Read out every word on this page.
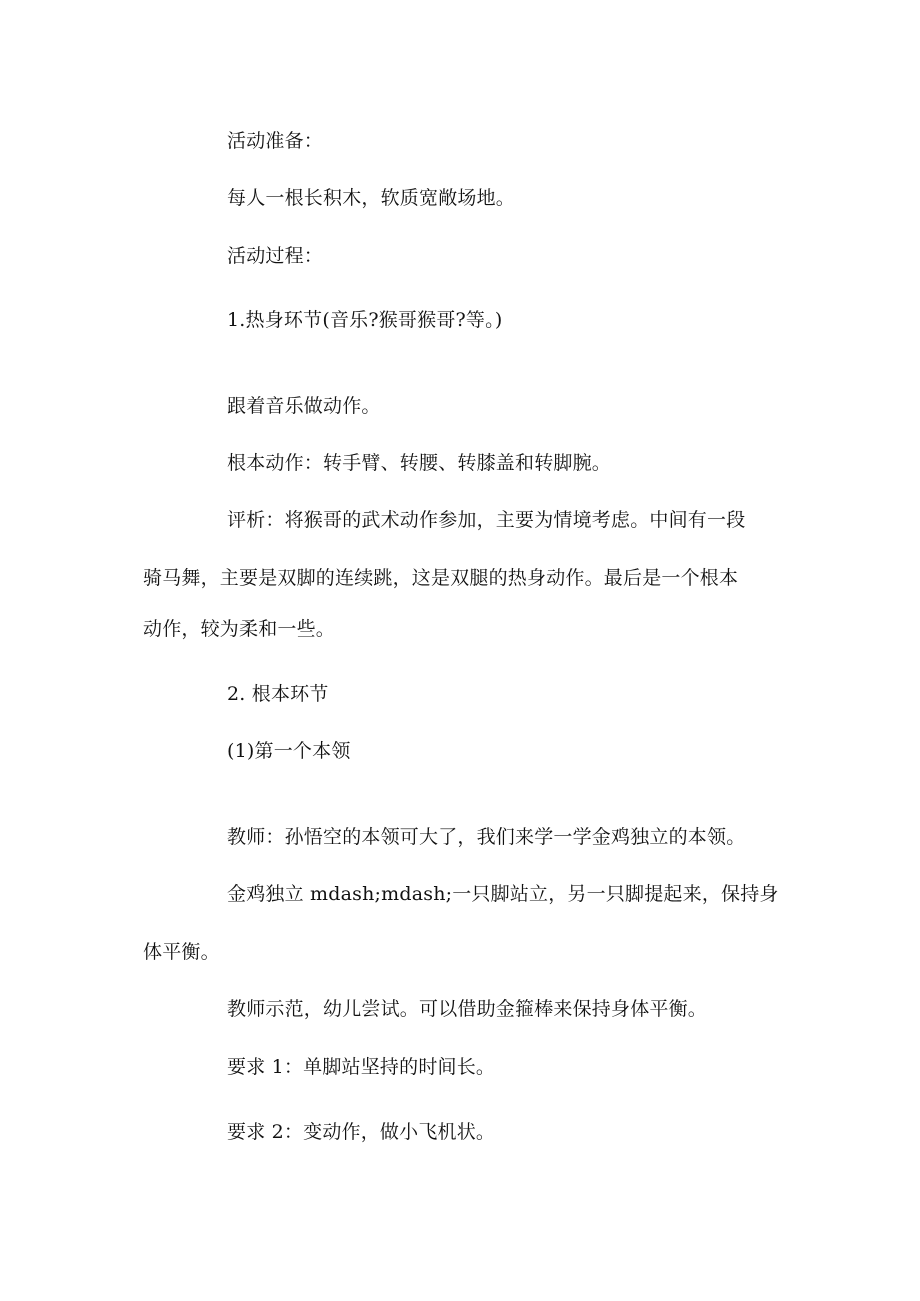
活动准备：
每人一根长积木，软质宽敞场地。
活动过程：
1.热身环节(音乐?猴哥猴哥?等。)
跟着音乐做动作。
根本动作：转手臂、转腰、转膝盖和转脚腕。
评析：将猴哥的武术动作参加，主要为情境考虑。中间有一段
骑马舞，主要是双脚的连续跳，这是双腿的热身动作。最后是一个根本
动作，较为柔和一些。
2. 根本环节
(1)第一个本领
教师：孙悟空的本领可大了，我们来学一学金鸡独立的本领。
金鸡独立 mdash;mdash;一只脚站立，另一只脚提起来，保持身
体平衡。
教师示范，幼儿尝试。可以借助金箍棒来保持身体平衡。
要求 1：单脚站坚持的时间长。
要求 2：变动作，做小飞机状。
